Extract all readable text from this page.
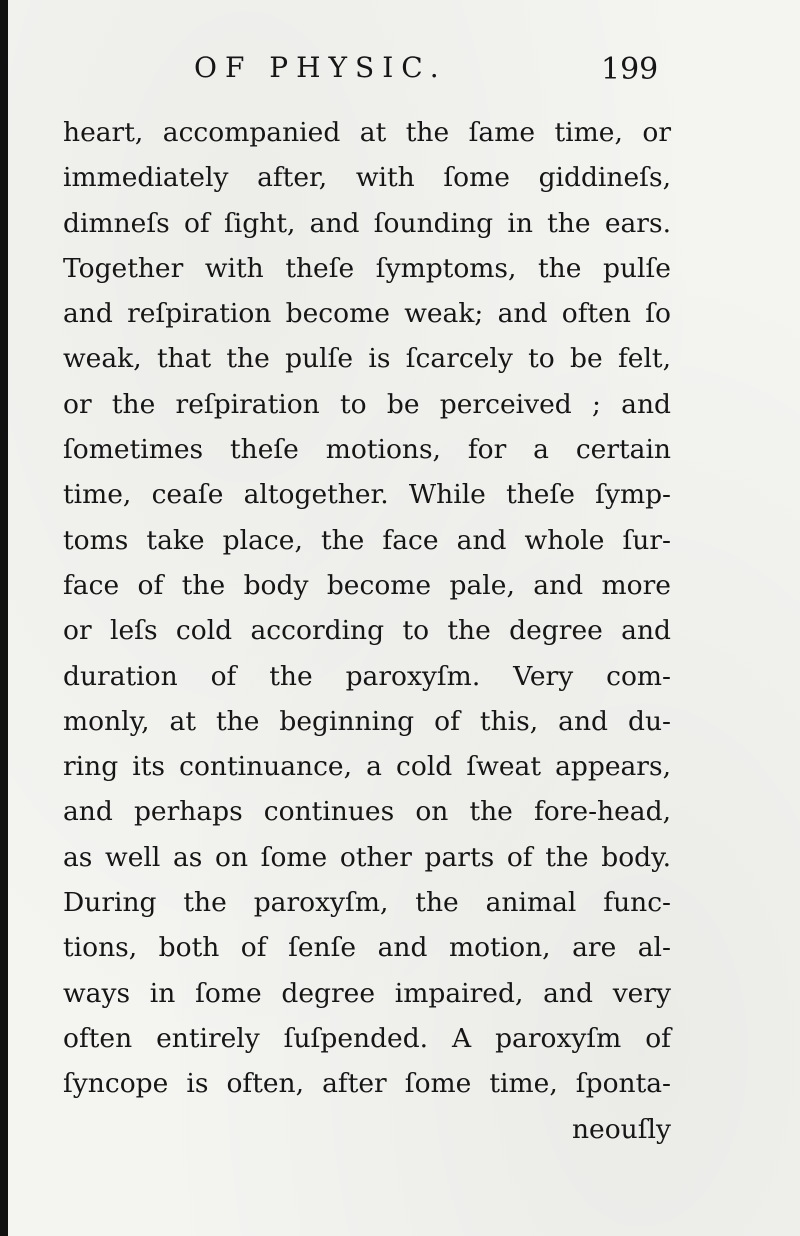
OF PHYSIC.	199
heart, accompanied at the ſame time, or
immediately after, with ſome giddineſs,
dimneſs of ſight, and ſounding in the ears.
Together with theſe ſymptoms, the pulſe
and reſpiration become weak; and often ſo
weak, that the pulſe is ſcarcely to be felt,
or the reſpiration to be perceived ; and
ſometimes theſe motions, for a certain
time, ceaſe altogether. While theſe ſymp-
toms take place, the face and whole ſur-
face of the body become pale, and more
or leſs cold according to the degree and
duration of the paroxyſm. Very com-
monly, at the beginning of this, and du-
ring its continuance, a cold ſweat appears,
and perhaps continues on the fore-head,
as well as on ſome other parts of the body.
During the paroxyſm, the animal func-
tions, both of ſenſe and motion, are al-
ways in ſome degree impaired, and very
often entirely ſuſpended. A paroxyſm of
ſyncope is often, after ſome time, ſponta-
neouſly
